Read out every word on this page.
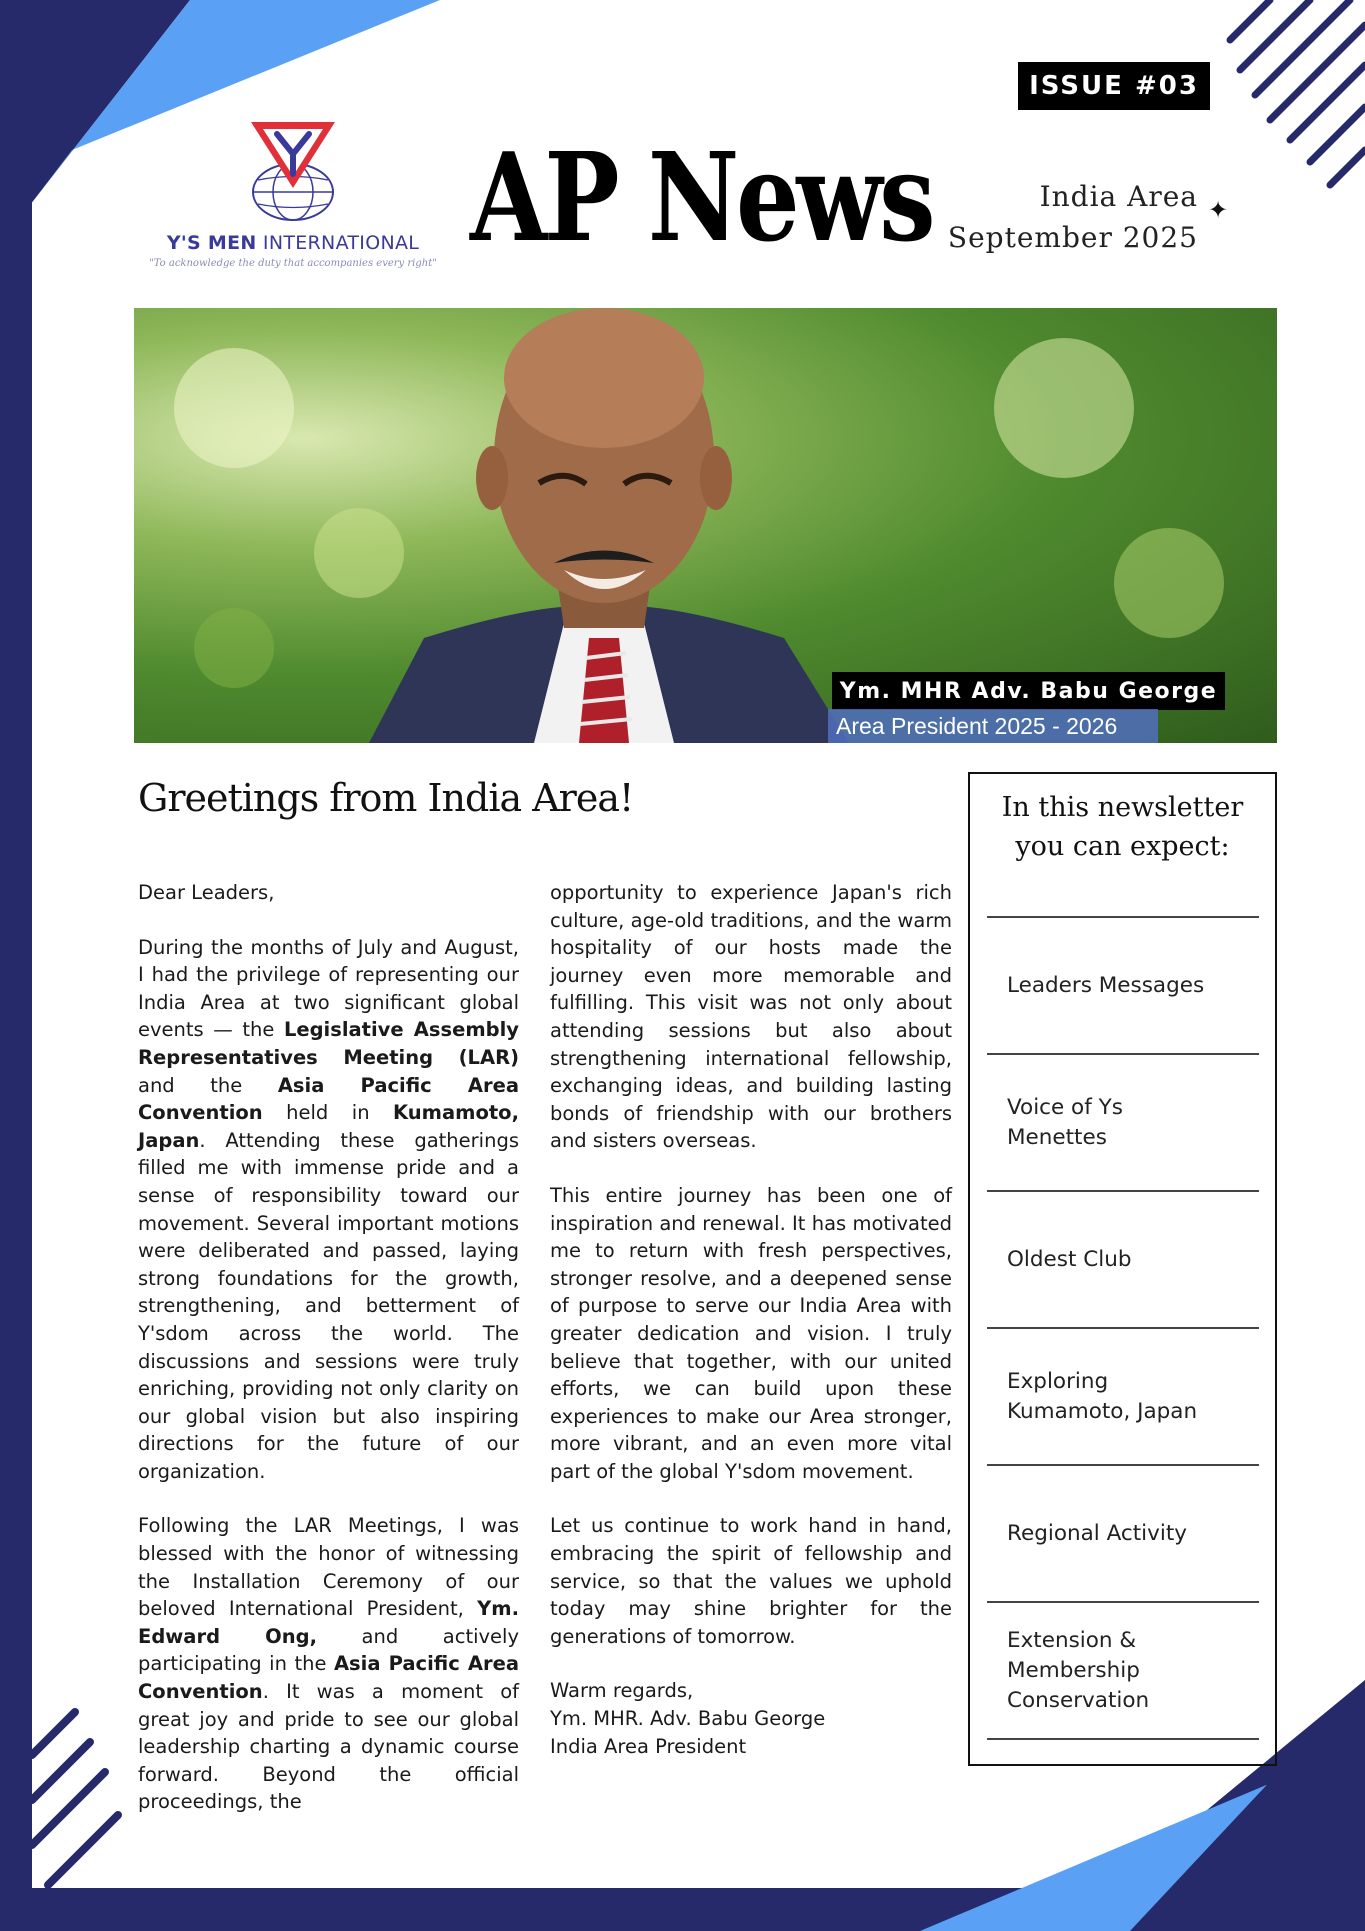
ISSUE #03
Y'S MEN INTERNATIONAL
"To acknowledge the duty that accompanies every right" AP News	India Area
September 2025
✦
Ym. MHR Adv. Babu George
Area President 2025 - 2026
Greetings from India Area!

Dear Leaders,

During the months of July and August, I had the privilege of representing our India Area at two significant global events — the Legislative Assembly Representatives Meeting (LAR) and the Asia Pacific Area Convention held in Kumamoto, Japan. Attending these gatherings filled me with immense pride and a sense of responsibility toward our movement. Several important motions were deliberated and passed, laying strong foundations for the growth, strengthening, and betterment of Y'sdom across the world. The discussions and sessions were truly enriching, providing not only clarity on our global vision but also inspiring directions for the future of our organization.

Following the LAR Meetings, I was blessed with the honor of witnessing the Installation Ceremony of our beloved International President, Ym. Edward Ong, and actively participating in the Asia Pacific Area Convention. It was a moment of great joy and pride to see our global leadership charting a dynamic course forward. Beyond the official proceedings, the

opportunity to experience Japan's rich culture, age-old traditions, and the warm hospitality of our hosts made the journey even more memorable and fulfilling. This visit was not only about attending sessions but also about strengthening international fellowship, exchanging ideas, and building lasting bonds of friendship with our brothers and sisters overseas.

This entire journey has been one of inspiration and renewal. It has motivated me to return with fresh perspectives, stronger resolve, and a deepened sense of purpose to serve our India Area with greater dedication and vision. I truly believe that together, with our united efforts, we can build upon these experiences to make our Area stronger, more vibrant, and an even more vital part of the global Y'sdom movement.

Let us continue to work hand in hand, embracing the spirit of fellowship and service, so that the values we uphold today may shine brighter for the generations of tomorrow.

Warm regards,
Ym. MHR. Adv. Babu George
India Area President
In this newsletter
you can expect:
Leaders Messages
Voice of Ys Menettes
Oldest Club
Exploring Kumamoto, Japan
Regional Activity
Extension & Membership Conservation
